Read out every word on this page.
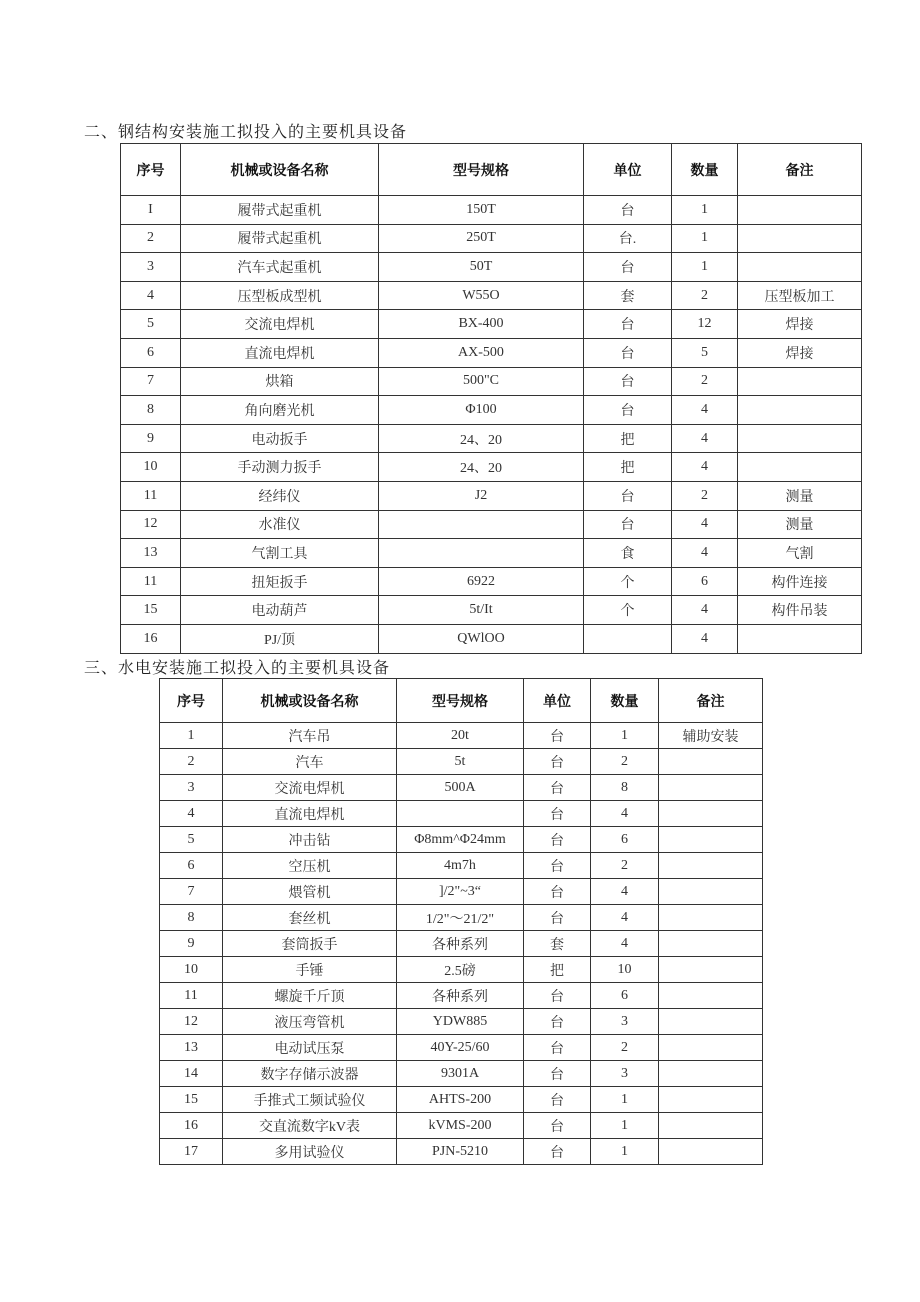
二、钢结构安装施工拟投入的主要机具设备
序号	机械或设备名称	型号规格	单位	数量	备注
I	履带式起重机	150T	台	1	
2	履带式起重机	250T	台.	1	
3	汽车式起重机	50T	台	1	
4	压型板成型机	W55O	套	2	压型板加工
5	交流电焊机	BX-400	台	12	焊接
6	直流电焊机	AX-500	台	5	焊接
7	烘箱	500"C	台	2	
8	角向磨光机	Φ100	台	4	
9	电动扳手	24、20	把	4	
10	手动测力扳手	24、20	把	4	
11	经纬仪	J2	台	2	测量
12	水准仪		台	4	测量
13	气割工具		食	4	气割
11	扭矩扳手	6922	个	6	构件连接
15	电动葫芦	5t/It	个	4	构件吊装
16	PJ/顶	QWlOO		4	
三、水电安装施工拟投入的主要机具设备
序号	机械或设备名称	型号规格	单位	数量	备注
1	汽车吊	20t	台	1	辅助安装
2	汽车	5t	台	2	
3	交流电焊机	500A	台	8	
4	直流电焊机		台	4	
5	冲击钻	Φ8mm^Φ24mm	台	6	
6	空压机	4m7h	台	2	
7	煨管机	]/2"~3“	台	4	
8	套丝机	1/2"～21/2"	台	4	
9	套筒扳手	各种系列	套	4	
10	手锤	2.5磅	把	10	
11	螺旋千斤顶	各种系列	台	6	
12	液压弯管机	YDW885	台	3	
13	电动试压泵	40Y-25/60	台	2	
14	数字存储示波器	9301A	台	3	
15	手推式工频试验仪	AHTS-200	台	1	
16	交直流数字kV表	kVMS-200	台	1	
17	多用试验仪	PJN-5210	台	1	
